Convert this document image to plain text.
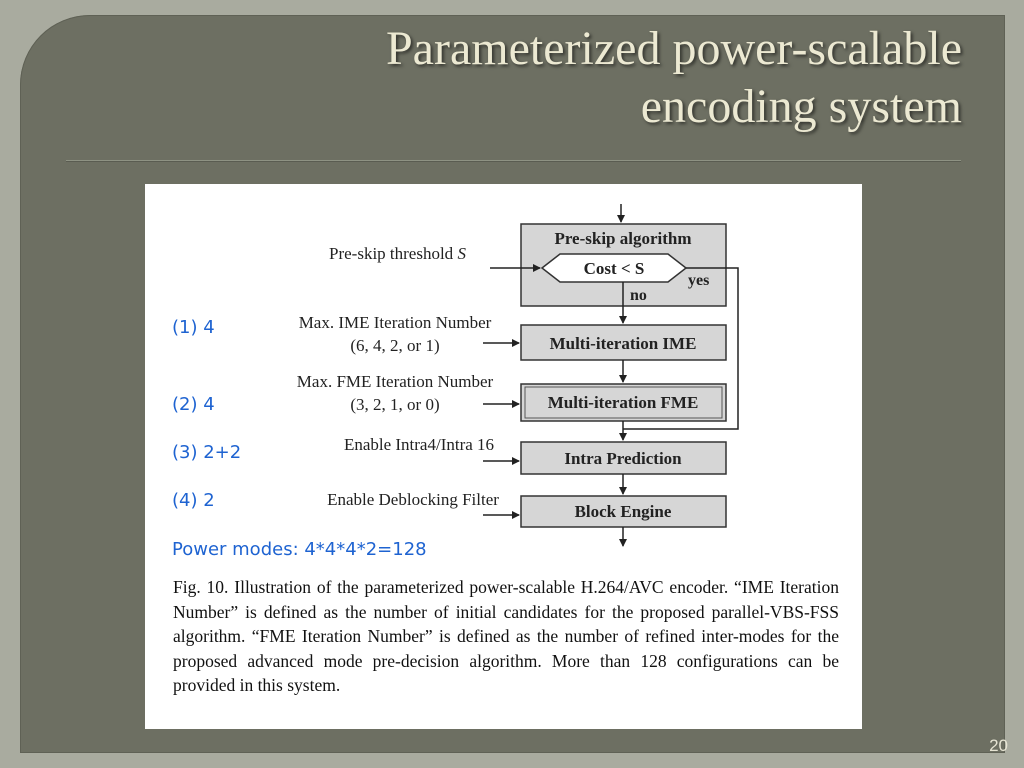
Parameterized power-scalable
encoding system
Pre-skip algorithm
Cost < S
yes
no
Pre-skip threshold S
Multi-iteration IME
Max. IME Iteration Number
(6, 4, 2, or 1)
Multi-iteration FME
Max. FME Iteration Number
(3, 2, 1, or 0)
Intra Prediction
Enable Intra4/Intra 16
Block Engine
Enable Deblocking Filter
(1) 4
(2) 4
(3) 2+2
(4) 2
Power modes: 4*4*4*2=128
Fig. 10. Illustration of the parameterized power-scalable H.264/AVC encoder. “IME Iteration Number” is defined as the number of initial candidates for the proposed parallel-VBS-FSS algorithm. “FME Iteration Number” is defined as the number of refined inter-modes for the proposed advanced mode pre-decision algorithm. More than 128 configurations can be provided in this system.
20
